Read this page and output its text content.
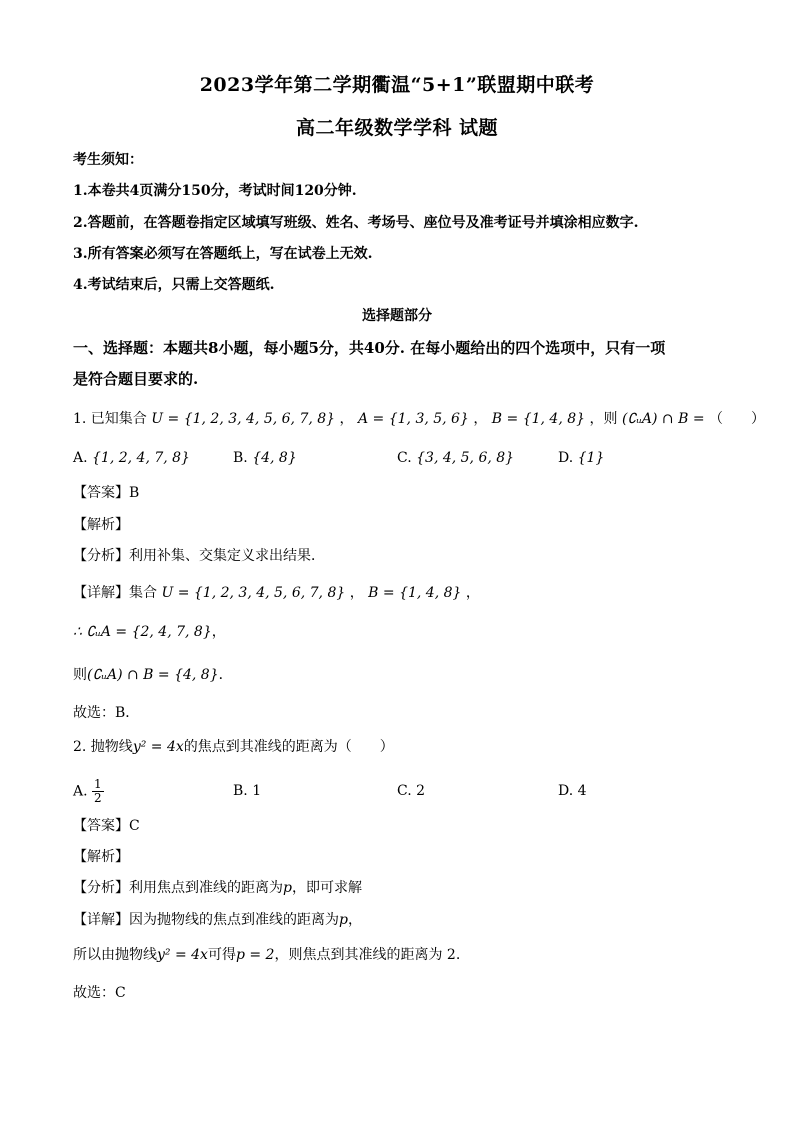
2023学年第二学期衢温“5+1”联盟期中联考
高二年级数学学科 试题
考生须知：
1.本卷共4页满分150分，考试时间120分钟.
2.答题前，在答题卷指定区域填写班级、姓名、考场号、座位号及准考证号并填涂相应数字.
3.所有答案必须写在答题纸上，写在试卷上无效.
4.考试结束后，只需上交答题纸.
选择题部分
一、选择题：本题共8小题，每小题5分，共40分. 在每小题给出的四个选项中，只有一项
是符合题目要求的.
1. 已知集合 U = {1, 2, 3, 4, 5, 6, 7, 8} ， A = {1, 3, 5, 6} ， B = {1, 4, 8} ，则 (∁ᵤA) ∩ B = （　　）
A. {1, 2, 4, 7, 8}	B. {4, 8}	C. {3, 4, 5, 6, 8}	D. {1}
【答案】B
【解析】
【分析】利用补集、交集定义求出结果．
【详解】集合 U = {1, 2, 3, 4, 5, 6, 7, 8} ， B = {1, 4, 8} ，
∴ ∁ᵤA = {2, 4, 7, 8}，
则(∁ᵤA) ∩ B = {4, 8}．
故选：B．
2. 抛物线y² = 4x的焦点到其准线的距离为（　　）
A. $\frac{1}{2}$	B. 1	C. 2	D. 4
【答案】C
【解析】
【分析】利用焦点到准线的距离为p，即可求解
【详解】因为抛物线的焦点到准线的距离为p，
所以由抛物线y² = 4x可得p = 2，则焦点到其准线的距离为 2.
故选：C
